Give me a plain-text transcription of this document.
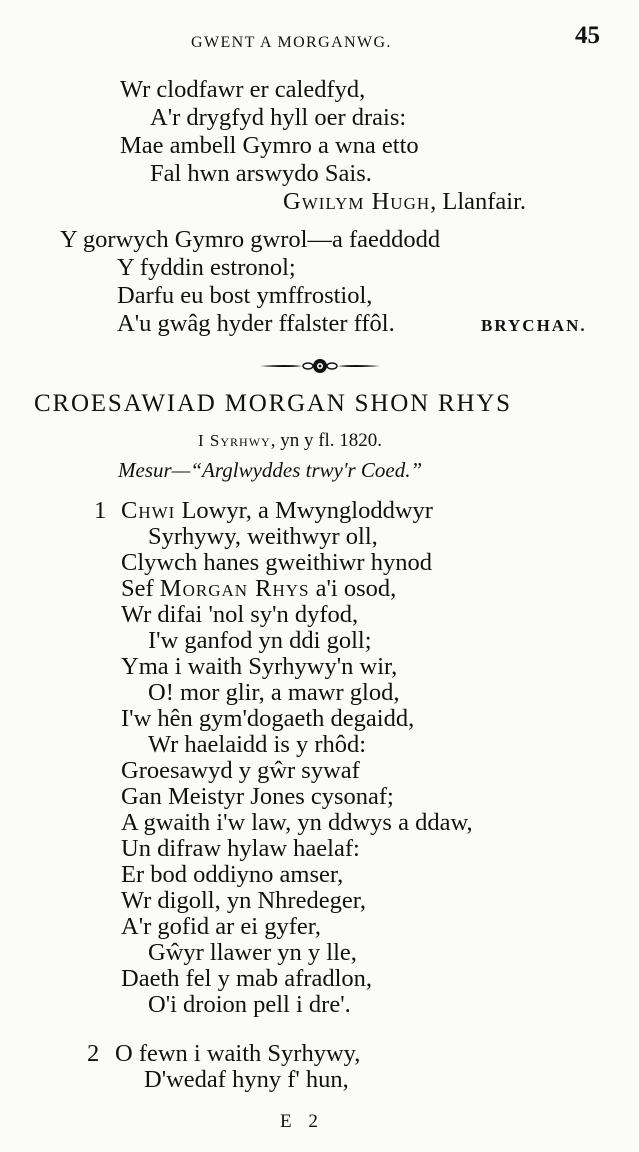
GWENT A MORGANWG.	45
Wr clodfawr er caledfyd,
A'r drygfyd hyll oer drais:
Mae ambell Gymro a wna etto
Fal hwn arswydo Sais.
Gwilym Hugh, Llanfair.
Y gorwych Gymro gwrol—a faeddodd
Y fyddin estronol;
Darfu eu bost ymffrostiol,
A'u gwâg hyder ffalster ffôl.	BRYCHAN.
CROESAWIAD MORGAN SHON RHYS
I Syrhwy, yn y fl. 1820.
Mesur—“Arglwyddes trwy'r Coed.”
1 Chwi Lowyr, a Mwyngloddwyr
Syrhywy, weithwyr oll,
Clywch hanes gweithiwr hynod
Sef Morgan Rhys a'i osod,
Wr difai 'nol sy'n dyfod,
I'w ganfod yn ddi goll;
Yma i waith Syrhywy'n wir,
O! mor glir, a mawr glod,
I'w hên gym'dogaeth degaidd,
Wr haelaidd is y rhôd:
Groesawyd y gŵr sywaf
Gan Meistyr Jones cysonaf;
A gwaith i'w law, yn ddwys a ddaw,
Un difraw hylaw haelaf:
Er bod oddiyno amser,
Wr digoll, yn Nhredeger,
A'r gofid ar ei gyfer,
Gŵyr llawer yn y lle,
Daeth fel y mab afradlon,
O'i droion pell i dre'.
2 O fewn i waith Syrhywy,
D'wedaf hyny f' hun,
E 2
